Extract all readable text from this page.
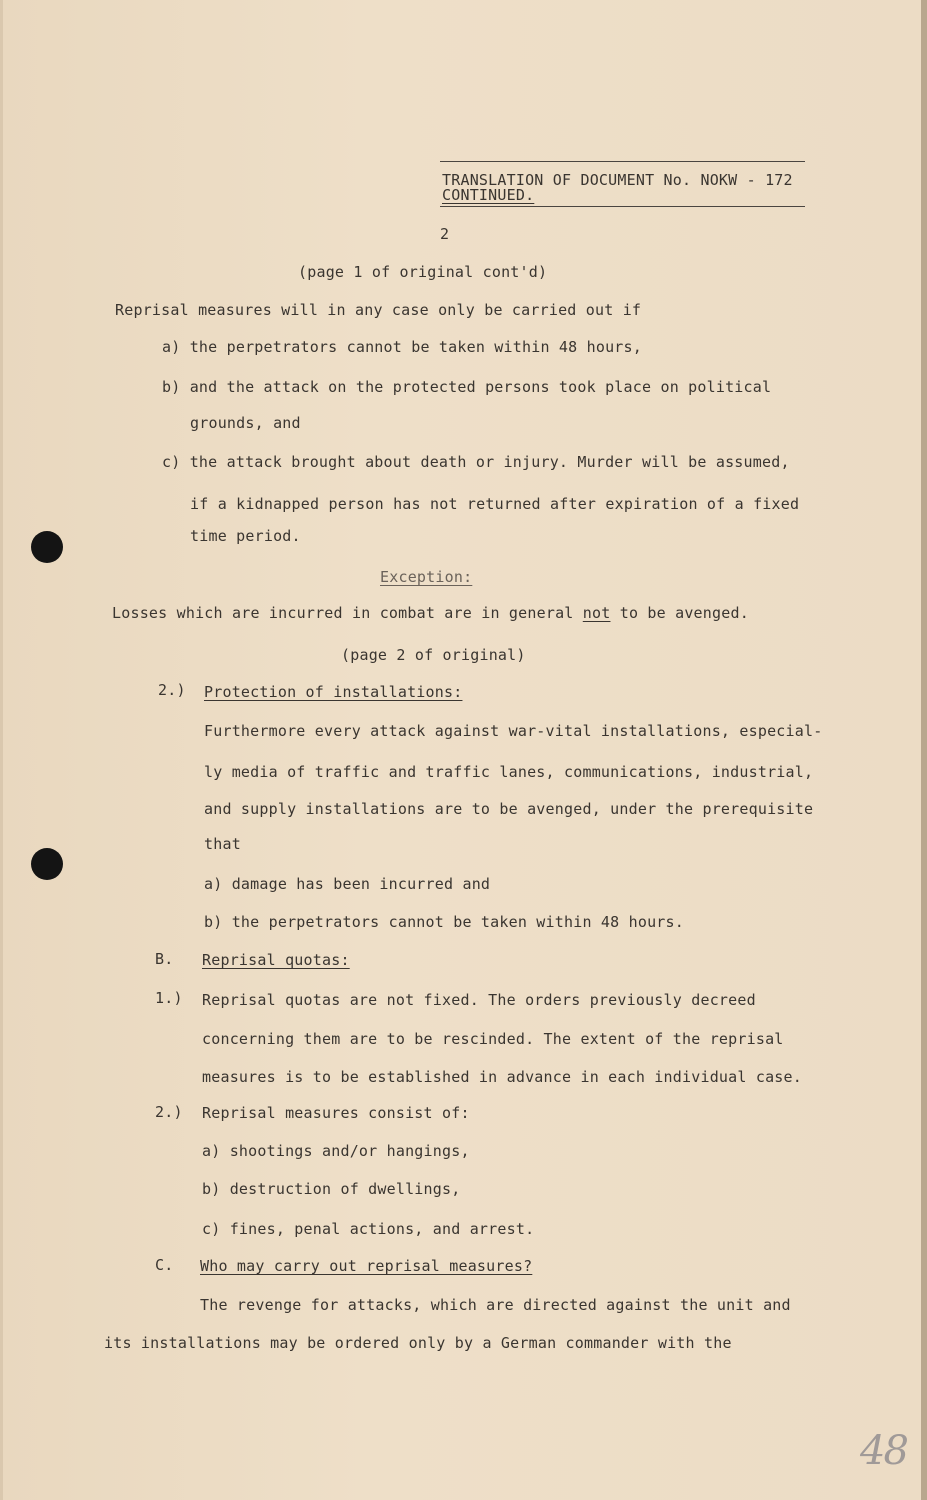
TRANSLATION OF DOCUMENT No. NOKW - 172
CONTINUED.
2
(page 1 of original cont'd)
Reprisal measures will in any case only be carried out if
a) the perpetrators cannot be taken within 48 hours,
b) and the attack on the protected persons took place on political
grounds, and
c) the attack brought about death or injury. Murder will be assumed,
if a kidnapped person has not returned after expiration of a fixed
time period.
Exception:
Losses which are incurred in combat are in general not to be avenged.
(page 2 of original)
2.) Protection of installations:
Furthermore every attack against war-vital installations, especial-
ly media of traffic and traffic lanes, communications, industrial,
and supply installations are to be avenged, under the prerequisite
that
a) damage has been incurred and
b) the perpetrators cannot be taken within 48 hours.
B. Reprisal quotas:
1.) Reprisal quotas are not fixed. The orders previously decreed
concerning them are to be rescinded. The extent of the reprisal
measures is to be established in advance in each individual case.
2.) Reprisal measures consist of:
a) shootings and/or hangings,
b) destruction of dwellings,
c) fines, penal actions, and arrest.
C. Who may carry out reprisal measures?
The revenge for attacks, which are directed against the unit and
its installations may be ordered only by a German commander with the
48
